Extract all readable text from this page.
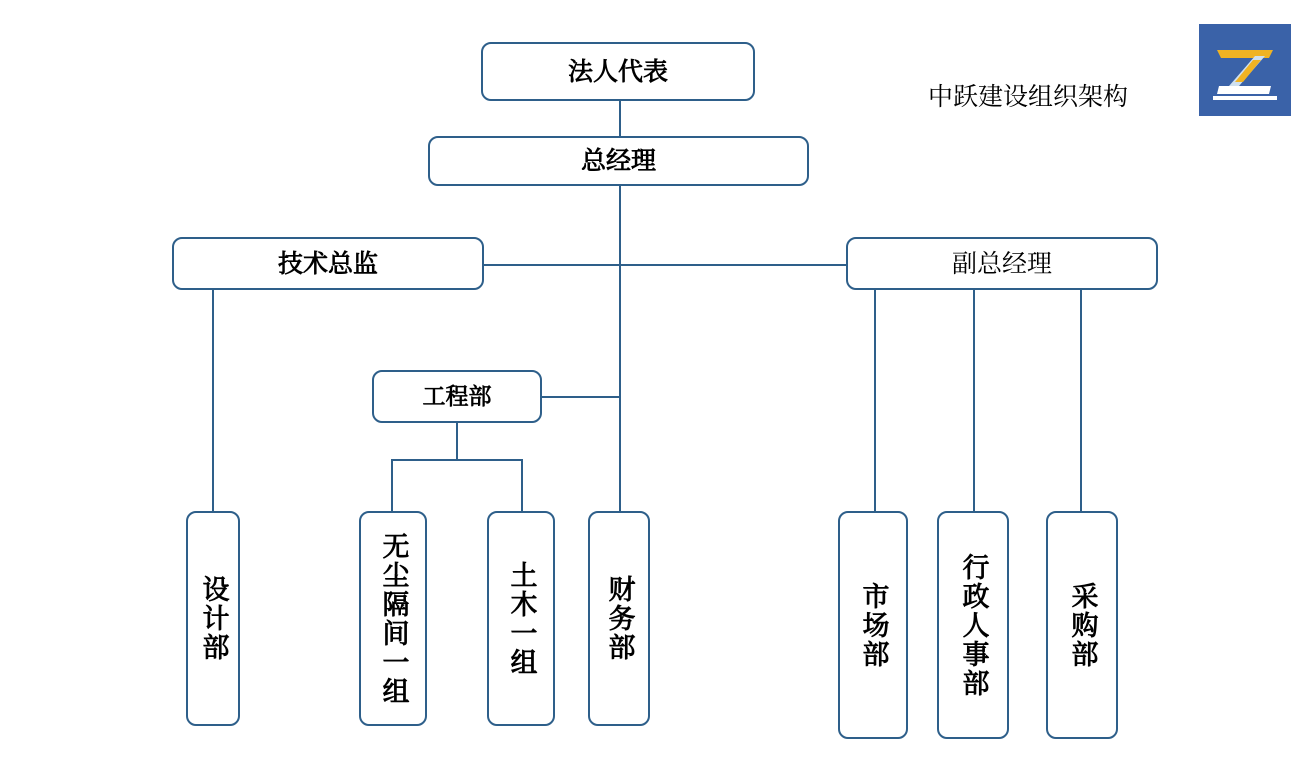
法人代表
总经理
技术总监	副总经理
工程部
设计部	无尘隔间一组	土木一组	财务部	市场部	行政人事部	采购部
中跃建设组织架构
